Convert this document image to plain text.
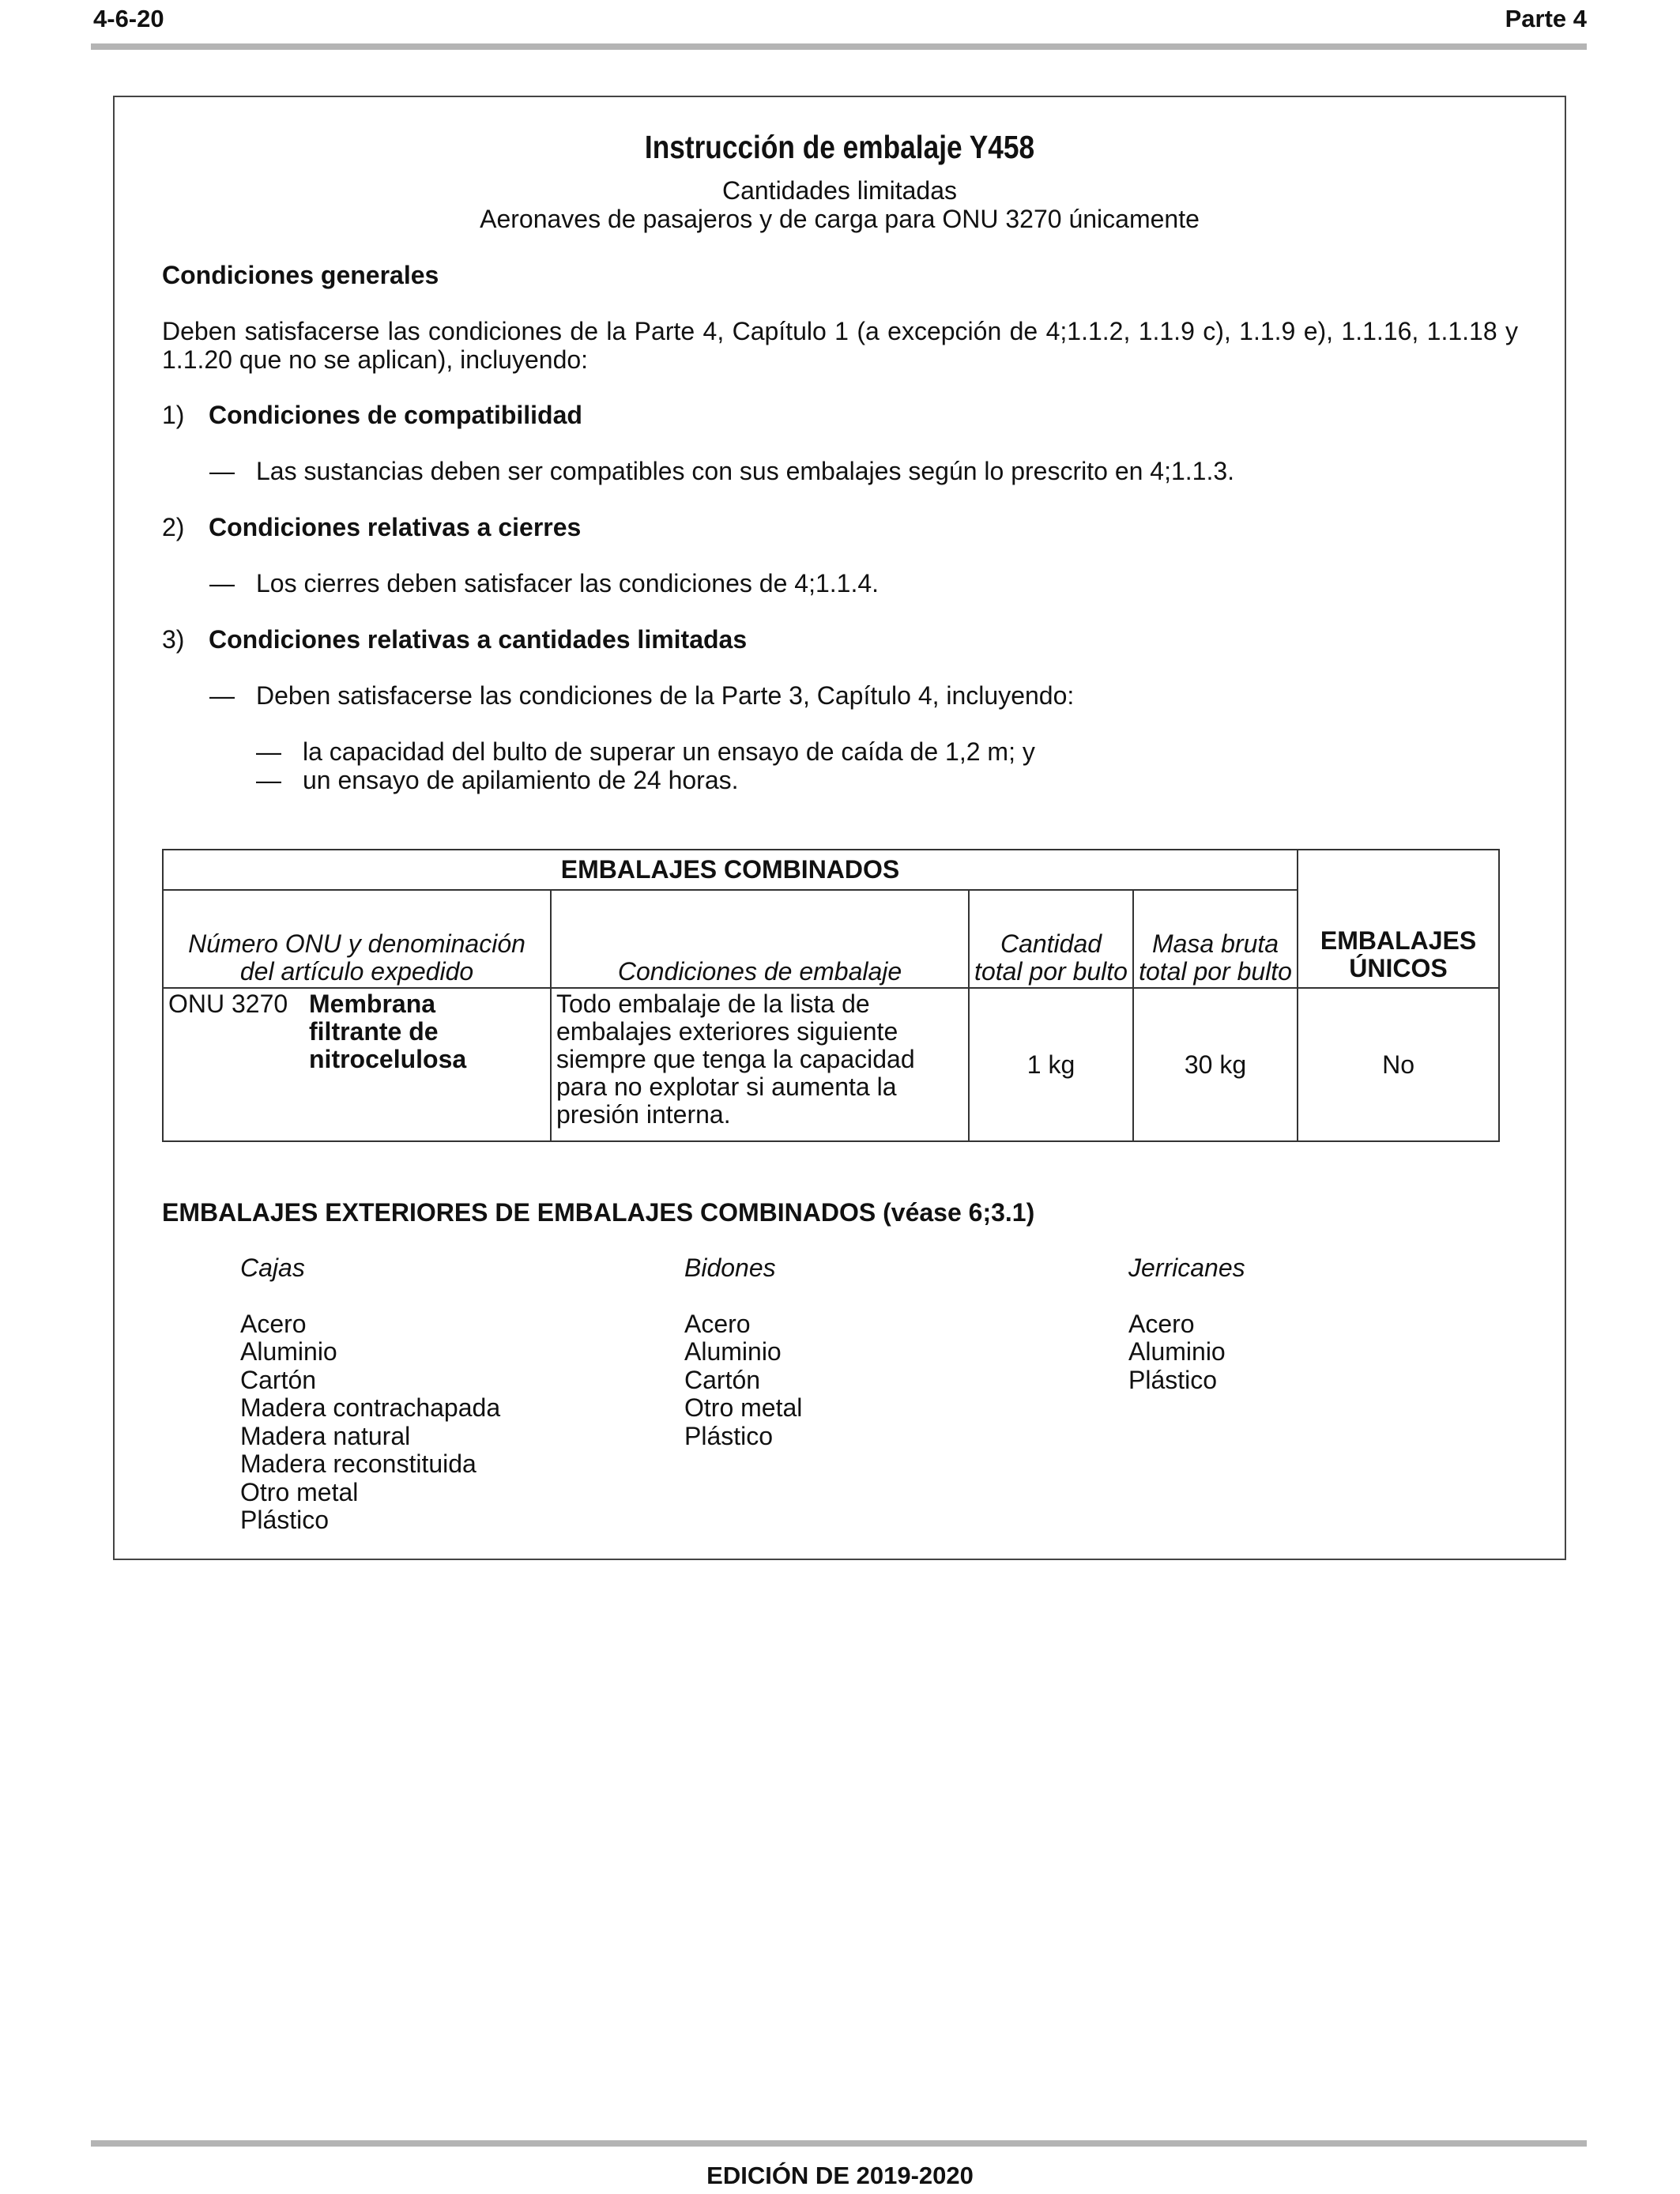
4-6-20	Parte 4
Instrucción de embalaje Y458
Cantidades limitadas
Aeronaves de pasajeros y de carga para ONU 3270 únicamente
Condiciones generales
Deben satisfacerse las condiciones de la Parte 4, Capítulo 1 (a excepción de 4;1.1.2, 1.1.9 c), 1.1.9 e), 1.1.16, 1.1.18 y 1.1.20 que no se aplican), incluyendo:
1) Condiciones de compatibilidad
— Las sustancias deben ser compatibles con sus embalajes según lo prescrito en 4;1.1.3.
2) Condiciones relativas a cierres
— Los cierres deben satisfacer las condiciones de 4;1.1.4.
3) Condiciones relativas a cantidades limitadas
— Deben satisfacerse las condiciones de la Parte 3, Capítulo 4, incluyendo:
— la capacidad del bulto de superar un ensayo de caída de 1,2 m; y
— un ensayo de apilamiento de 24 horas.
EMBALAJES COMBINADOS				EMBALAJES ÚNICOS
Número ONU y denominación del artículo expedido	Condiciones de embalaje	Cantidad total por bulto	Masa bruta total por bulto	

ONU 3270 Membrana filtrante de nitrocelulosa	Todo embalaje de la lista de embalajes exteriores siguiente siempre que tenga la capacidad para no explotar si aumenta la presión interna.	1 kg	30 kg	No
EMBALAJES EXTERIORES DE EMBALAJES COMBINADOS (véase 6;3.1)
Cajas
Acero
Aluminio
Cartón
Madera contrachapada
Madera natural
Madera reconstituida
Otro metal
Plástico
Bidones
Acero
Aluminio
Cartón
Otro metal
Plástico
Jerricanes
Acero
Aluminio
Plástico
EDICIÓN DE 2019-2020
